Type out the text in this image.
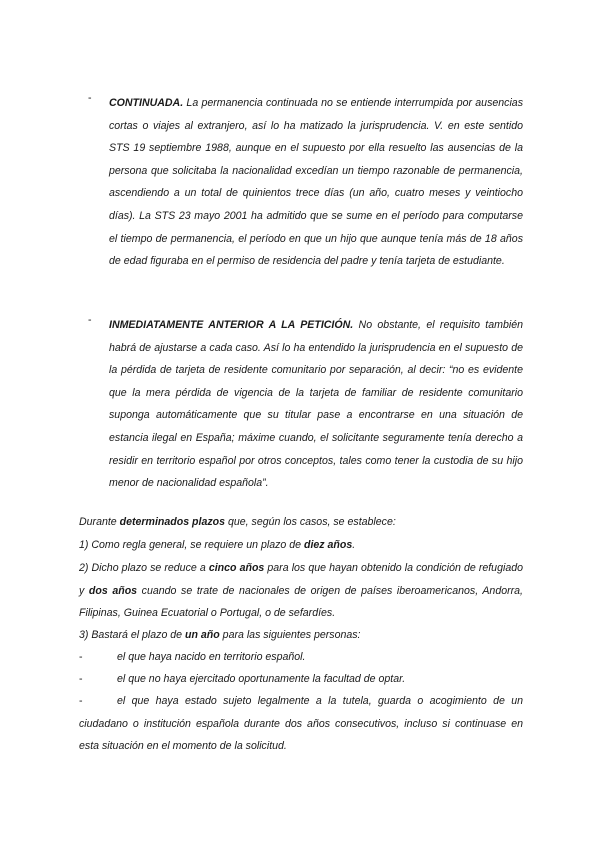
-	CONTINUADA. La permanencia continuada no se entiende interrumpida por ausencias cortas o viajes al extranjero, así lo ha matizado la jurisprudencia. V. en este sentido STS 19 septiembre 1988, aunque en el supuesto por ella resuelto las ausencias de la persona que solicitaba la nacionalidad excedían un tiempo razonable de permanencia, ascendiendo a un total de quinientos trece días (un año, cuatro meses y veintiocho días). La STS 23 mayo 2001 ha admitido que se sume en el período para computarse el tiempo de permanencia, el período en que un hijo que aunque tenía más de 18 años de edad figuraba en el permiso de residencia del padre y tenía tarjeta de estudiante.
-	INMEDIATAMENTE ANTERIOR A LA PETICIÓN. No obstante, el requisito también habrá de ajustarse a cada caso. Así lo ha entendido la jurisprudencia en el supuesto de la pérdida de tarjeta de residente comunitario por separación, al decir: “no es evidente que la mera pérdida de vigencia de la tarjeta de familiar de residente comunitario suponga automáticamente que su titular pase a encontrarse en una situación de estancia ilegal en España; máxime cuando, el solicitante seguramente tenía derecho a residir en territorio español por otros conceptos, tales como tener la custodia de su hijo menor de nacionalidad española”.
Durante determinados plazos que, según los casos, se establece:
1) Como regla general, se requiere un plazo de diez años.
2) Dicho plazo se reduce a cinco años para los que hayan obtenido la condición de refugiado y dos años cuando se trate de nacionales de origen de países iberoamericanos, Andorra, Filipinas, Guinea Ecuatorial o Portugal, o de sefardíes.
3) Bastará el plazo de un año para las siguientes personas:
-	el que haya nacido en territorio español.
-	el que no haya ejercitado oportunamente la facultad de optar.
-	el que haya estado sujeto legalmente a la tutela, guarda o acogimiento de un ciudadano o institución española durante dos años consecutivos, incluso si continuase en esta situación en el momento de la solicitud.
